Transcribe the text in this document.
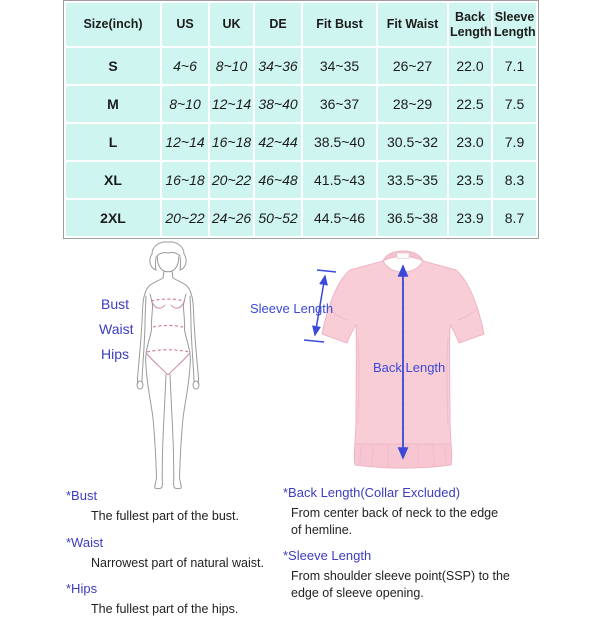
Size(inch)	US	UK	DE	Fit Bust	Fit Waist	Back Length	Sleeve Length
S	4~6	8~10	34~36	34~35	26~27	22.0	7.1
M	8~10	12~14	38~40	36~37	28~29	22.5	7.5
L	12~14	16~18	42~44	38.5~40	30.5~32	23.0	7.9
XL	16~18	20~22	46~48	41.5~43	33.5~35	23.5	8.3
2XL	20~22	24~26	50~52	44.5~46	36.5~38	23.9	8.7
Bust
Waist
Hips
Sleeve Length
Back Length
*Bust
The fullest part of the bust.
*Waist
Narrowest part of natural waist.
*Hips
The fullest part of the hips.
*Back Length(Collar Excluded)
From center back of neck to the edge
of hemline.
*Sleeve Length
From shoulder sleeve point(SSP) to the
edge of sleeve opening.
